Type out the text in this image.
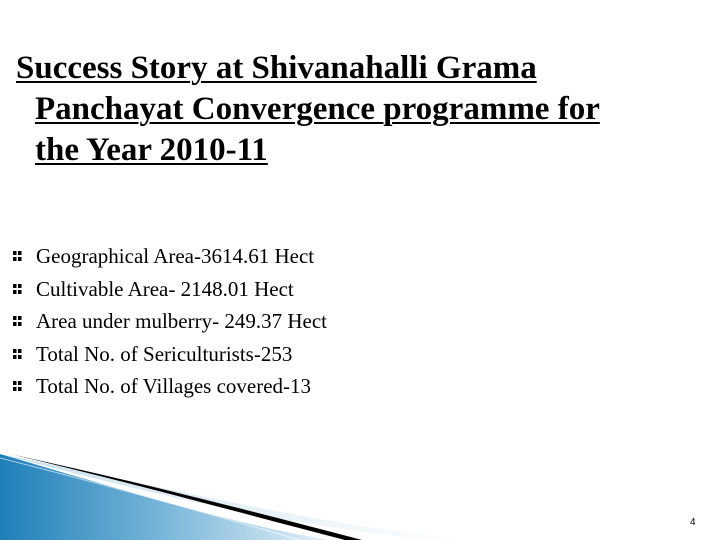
Success Story at Shivanahalli Grama
Panchayat Convergence programme for
the Year 2010-11
Geographical Area-3614.61 Hect
Cultivable Area- 2148.01 Hect
Area under mulberry- 249.37 Hect
Total No. of Sericulturists-253
Total No. of Villages covered-13
4
